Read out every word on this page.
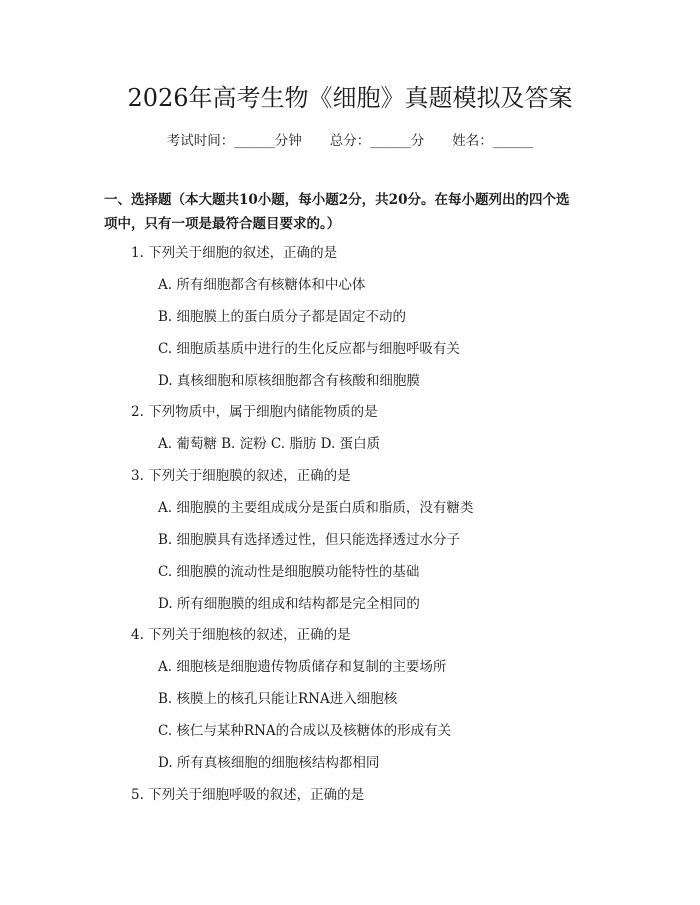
2026年高考生物《细胞》真题模拟及答案
考试时间：______分钟 总分：______分 姓名：______
一、选择题（本大题共10小题，每小题2分，共20分。在每小题列出的四个选
项中，只有一项是最符合题目要求的。）
1. 下列关于细胞的叙述，正确的是
A. 所有细胞都含有核糖体和中心体
B. 细胞膜上的蛋白质分子都是固定不动的
C. 细胞质基质中进行的生化反应都与细胞呼吸有关
D. 真核细胞和原核细胞都含有核酸和细胞膜
2. 下列物质中，属于细胞内储能物质的是
A. 葡萄糖 B. 淀粉 C. 脂肪 D. 蛋白质
3. 下列关于细胞膜的叙述，正确的是
A. 细胞膜的主要组成成分是蛋白质和脂质，没有糖类
B. 细胞膜具有选择透过性，但只能选择透过水分子
C. 细胞膜的流动性是细胞膜功能特性的基础
D. 所有细胞膜的组成和结构都是完全相同的
4. 下列关于细胞核的叙述，正确的是
A. 细胞核是细胞遗传物质储存和复制的主要场所
B. 核膜上的核孔只能让RNA进入细胞核
C. 核仁与某种RNA的合成以及核糖体的形成有关
D. 所有真核细胞的细胞核结构都相同
5. 下列关于细胞呼吸的叙述，正确的是
